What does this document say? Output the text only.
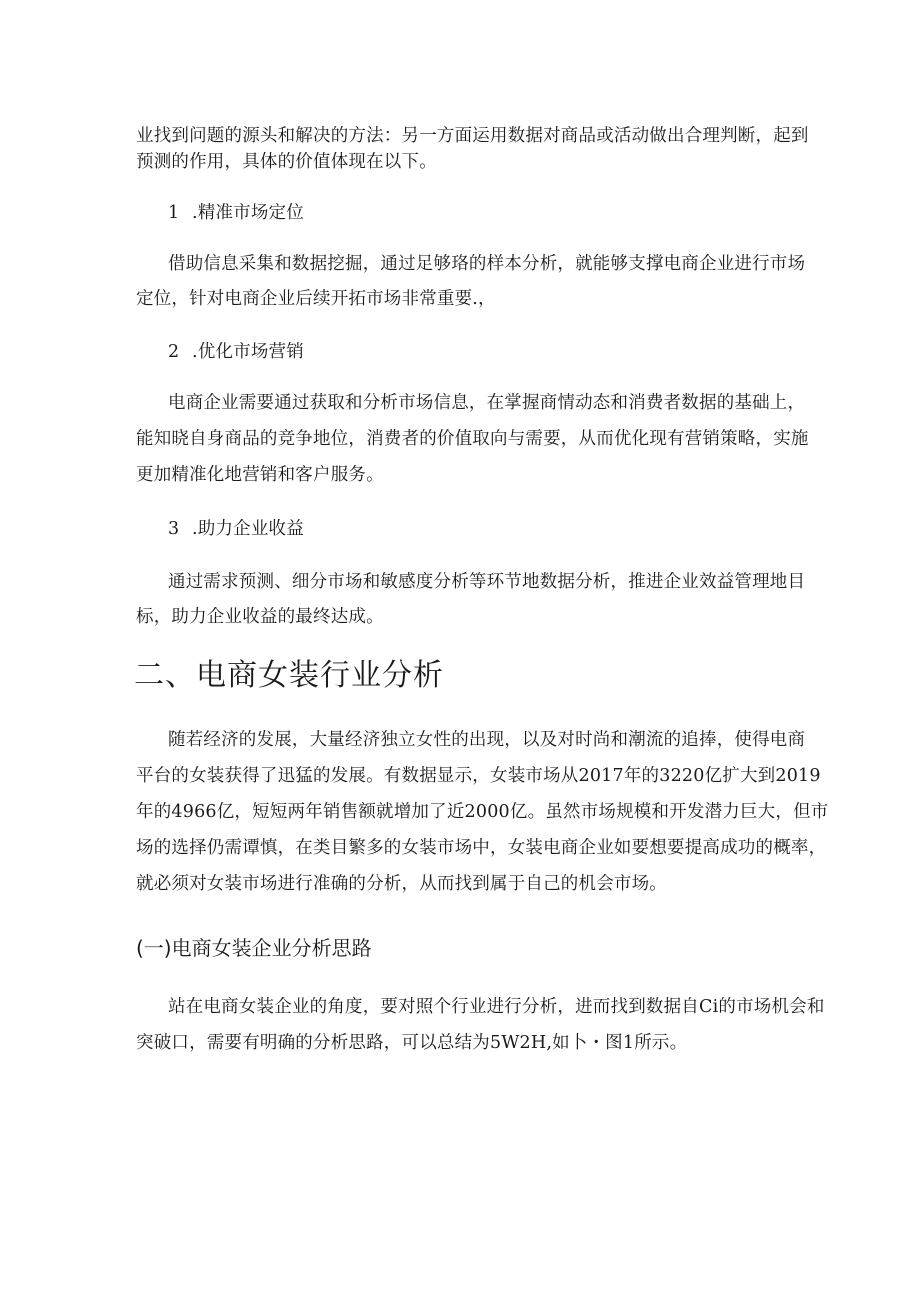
业找到问题的源头和解决的方法：另一方面运用数据对商品或活动做出合理判断，起到
预测的作用，具体的价值体现在以下。
1 .精准市场定位
借助信息采集和数据挖掘，通过足够珞的样本分析，就能够支撑电商企业进行市场
定位，针对电商企业后续开拓市场非常重要.，
2 .优化市场营销
电商企业需要通过获取和分析市场信息，在掌握商情动态和消费者数据的基础上，
能知晓自身商品的竞争地位，消费者的价值取向与需要，从而优化现有营销策略，实施
更加精准化地营销和客户服务。
3 .助力企业收益
通过需求预测、细分市场和敏感度分析等环节地数据分析，推进企业效益管理地目
标，助力企业收益的最终达成。
二、电商女装行业分析
随若经济的发展，大量经济独立女性的出现，以及对时尚和潮流的追捧，使得电商
平台的女装获得了迅猛的发展。有数据显示，女装市场从2017年的3220亿扩大到2019
年的4966亿，短短两年销售额就增加了近2000亿。虽然市场规模和开发潜力巨大，但市
场的选择仍需谭慎，在类目繁多的女装市场中，女装电商企业如要想要提高成功的概率，
就必须对女装市场进行准确的分析，从而找到属于自己的机会市场。
(一)电商女装企业分析思路
站在电商女装企业的角度，要对照个行业进行分析，进而找到数据自Ci的市场机会和
突破口，需要有明确的分析思路，可以总结为5W2H,如卜・图1所示。
